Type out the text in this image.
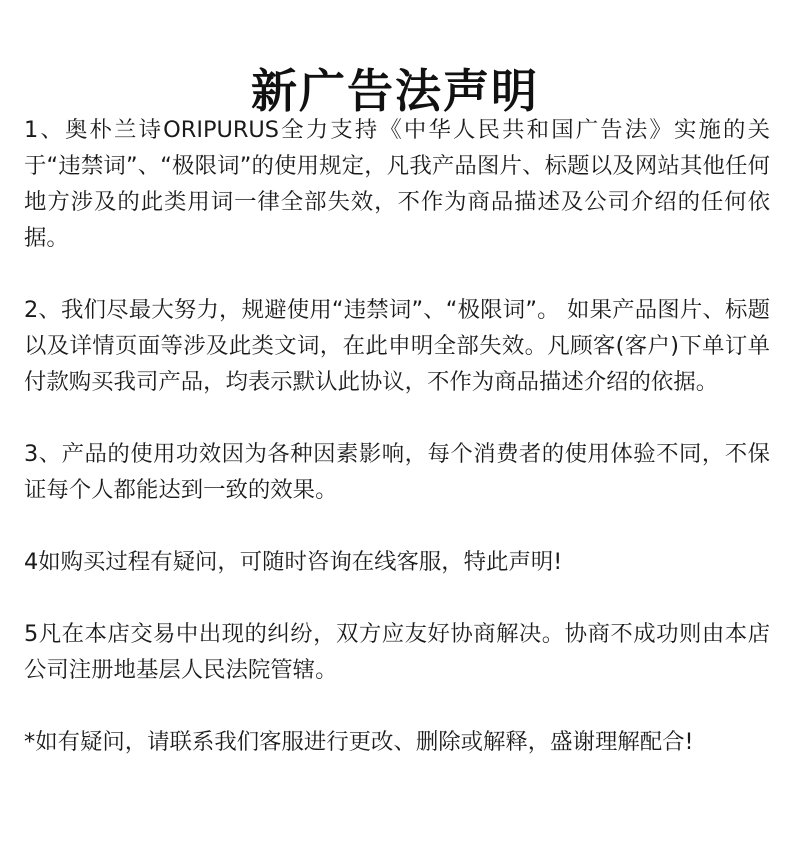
新广告法声明

1、奥朴兰诗ORIPURUS全力支持《中华人民共和国广告法》实施的关于“违禁词”、“极限词”的使用规定，凡我产品图片、标题以及网站其他任何地方涉及的此类用词一律全部失效，不作为商品描述及公司介绍的任何依据。

2、我们尽最大努力，规避使用“违禁词”、“极限词”。 如果产品图片、标题以及详情页面等涉及此类文词，在此申明全部失效。凡顾客(客户)下单订单付款购买我司产品，均表示默认此协议，不作为商品描述介绍的依据。

3、产品的使用功效因为各种因素影响，每个消费者的使用体验不同，不保证每个人都能达到一致的效果。

4如购买过程有疑问，可随时咨询在线客服，特此声明!

5凡在本店交易中出现的纠纷，双方应友好协商解决。协商不成功则由本店公司注册地基层人民法院管辖。

*如有疑问，请联系我们客服进行更改、删除或解释，盛谢理解配合!
